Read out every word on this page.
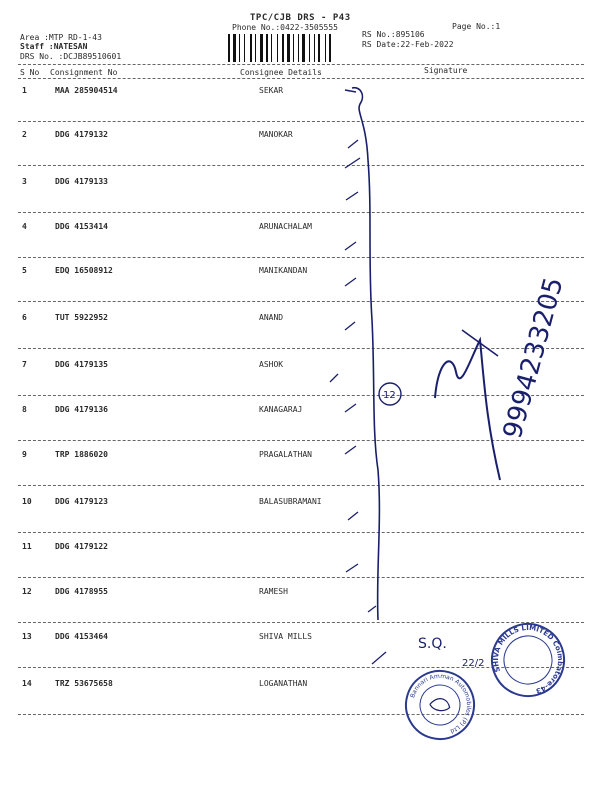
TPC/CJB DRS - P43
Phone No.:0422-3505555	Page No.:1
Area :MTP RD-1-43
Staff :NATESAN
DRS No. :DCJB89510601
RS No.:895106
RS Date:22-Feb-2022
S No Consignment No	Consignee Details	Signature
1	MAA 285904514	SEKAR
2	DDG 4179132	MANOKAR
3	DDG 4179133
4	DDG 4153414	ARUNACHALAM
5	EDQ 16508912	MANIKANDAN
6	TUT 5922952	ANAND
7	DDG 4179135	ASHOK
8	DDG 4179136	KANAGARAJ
9	TRP 1886020	PRAGALATHAN
10	DDG 4179123	BALASUBRAMANI
11	DDG 4179122
12	DDG 4178955	RAMESH
13	DDG 4153464	SHIVA MILLS
14	TRZ 53675658	LOGANATHAN
12	9994233205
S.Q.
22/2
SHIVA MILLS LIMITED Coimbatore-43
Bannari Amman Automobiles (P) Ltd
